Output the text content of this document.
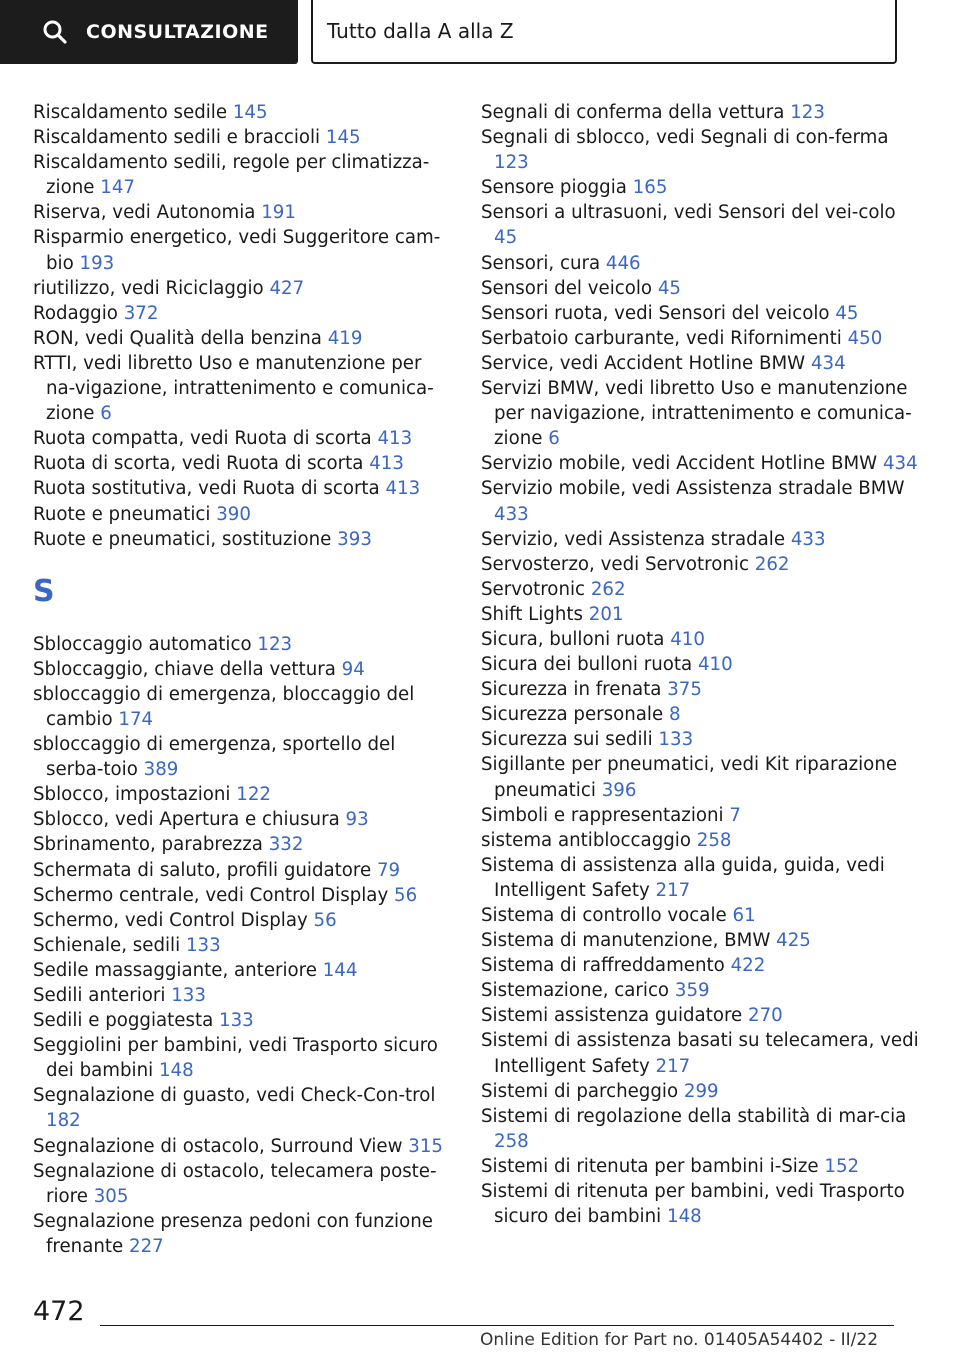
CONSULTAZIONE	Tutto dalla A alla Z
Riscaldamento sedile 145
Riscaldamento sedili e braccioli 145
Riscaldamento sedili, regole per climatizza-zione 147
Riserva, vedi Autonomia 191
Risparmio energetico, vedi Suggeritore cam-bio 193
riutilizzo, vedi Riciclaggio 427
Rodaggio 372
RON, vedi Qualità della benzina 419
RTTI, vedi libretto Uso e manutenzione per na-vigazione, intrattenimento e comunica-zione 6
Ruota compatta, vedi Ruota di scorta 413
Ruota di scorta, vedi Ruota di scorta 413
Ruota sostitutiva, vedi Ruota di scorta 413
Ruote e pneumatici 390
Ruote e pneumatici, sostituzione 393
S
Sbloccaggio automatico 123
Sbloccaggio, chiave della vettura 94
sbloccaggio di emergenza, bloccaggio del cambio 174
sbloccaggio di emergenza, sportello del serba-toio 389
Sblocco, impostazioni 122
Sblocco, vedi Apertura e chiusura 93
Sbrinamento, parabrezza 332
Schermata di saluto, profili guidatore 79
Schermo centrale, vedi Control Display 56
Schermo, vedi Control Display 56
Schienale, sedili 133
Sedile massaggiante, anteriore 144
Sedili anteriori 133
Sedili e poggiatesta 133
Seggiolini per bambini, vedi Trasporto sicuro dei bambini 148
Segnalazione di guasto, vedi Check-Con-trol 182
Segnalazione di ostacolo, Surround View 315
Segnalazione di ostacolo, telecamera poste-riore 305
Segnalazione presenza pedoni con funzione frenante 227
Segnali di conferma della vettura 123
Segnali di sblocco, vedi Segnali di con-ferma 123
Sensore pioggia 165
Sensori a ultrasuoni, vedi Sensori del vei-colo 45
Sensori, cura 446
Sensori del veicolo 45
Sensori ruota, vedi Sensori del veicolo 45
Serbatoio carburante, vedi Rifornimenti 450
Service, vedi Accident Hotline BMW 434
Servizi BMW, vedi libretto Uso e manutenzione per navigazione, intrattenimento e comunica-zione 6
Servizio mobile, vedi Accident Hotline BMW 434
Servizio mobile, vedi Assistenza stradale BMW 433
Servizio, vedi Assistenza stradale 433
Servosterzo, vedi Servotronic 262
Servotronic 262
Shift Lights 201
Sicura, bulloni ruota 410
Sicura dei bulloni ruota 410
Sicurezza in frenata 375
Sicurezza personale 8
Sicurezza sui sedili 133
Sigillante per pneumatici, vedi Kit riparazione pneumatici 396
Simboli e rappresentazioni 7
sistema antibloccaggio 258
Sistema di assistenza alla guida, guida, vedi Intelligent Safety 217
Sistema di controllo vocale 61
Sistema di manutenzione, BMW 425
Sistema di raffreddamento 422
Sistemazione, carico 359
Sistemi assistenza guidatore 270
Sistemi di assistenza basati su telecamera, vedi Intelligent Safety 217
Sistemi di parcheggio 299
Sistemi di regolazione della stabilità di mar-cia 258
Sistemi di ritenuta per bambini i-Size 152
Sistemi di ritenuta per bambini, vedi Trasporto sicuro dei bambini 148
472
Online Edition for Part no. 01405A54402 - II/22
